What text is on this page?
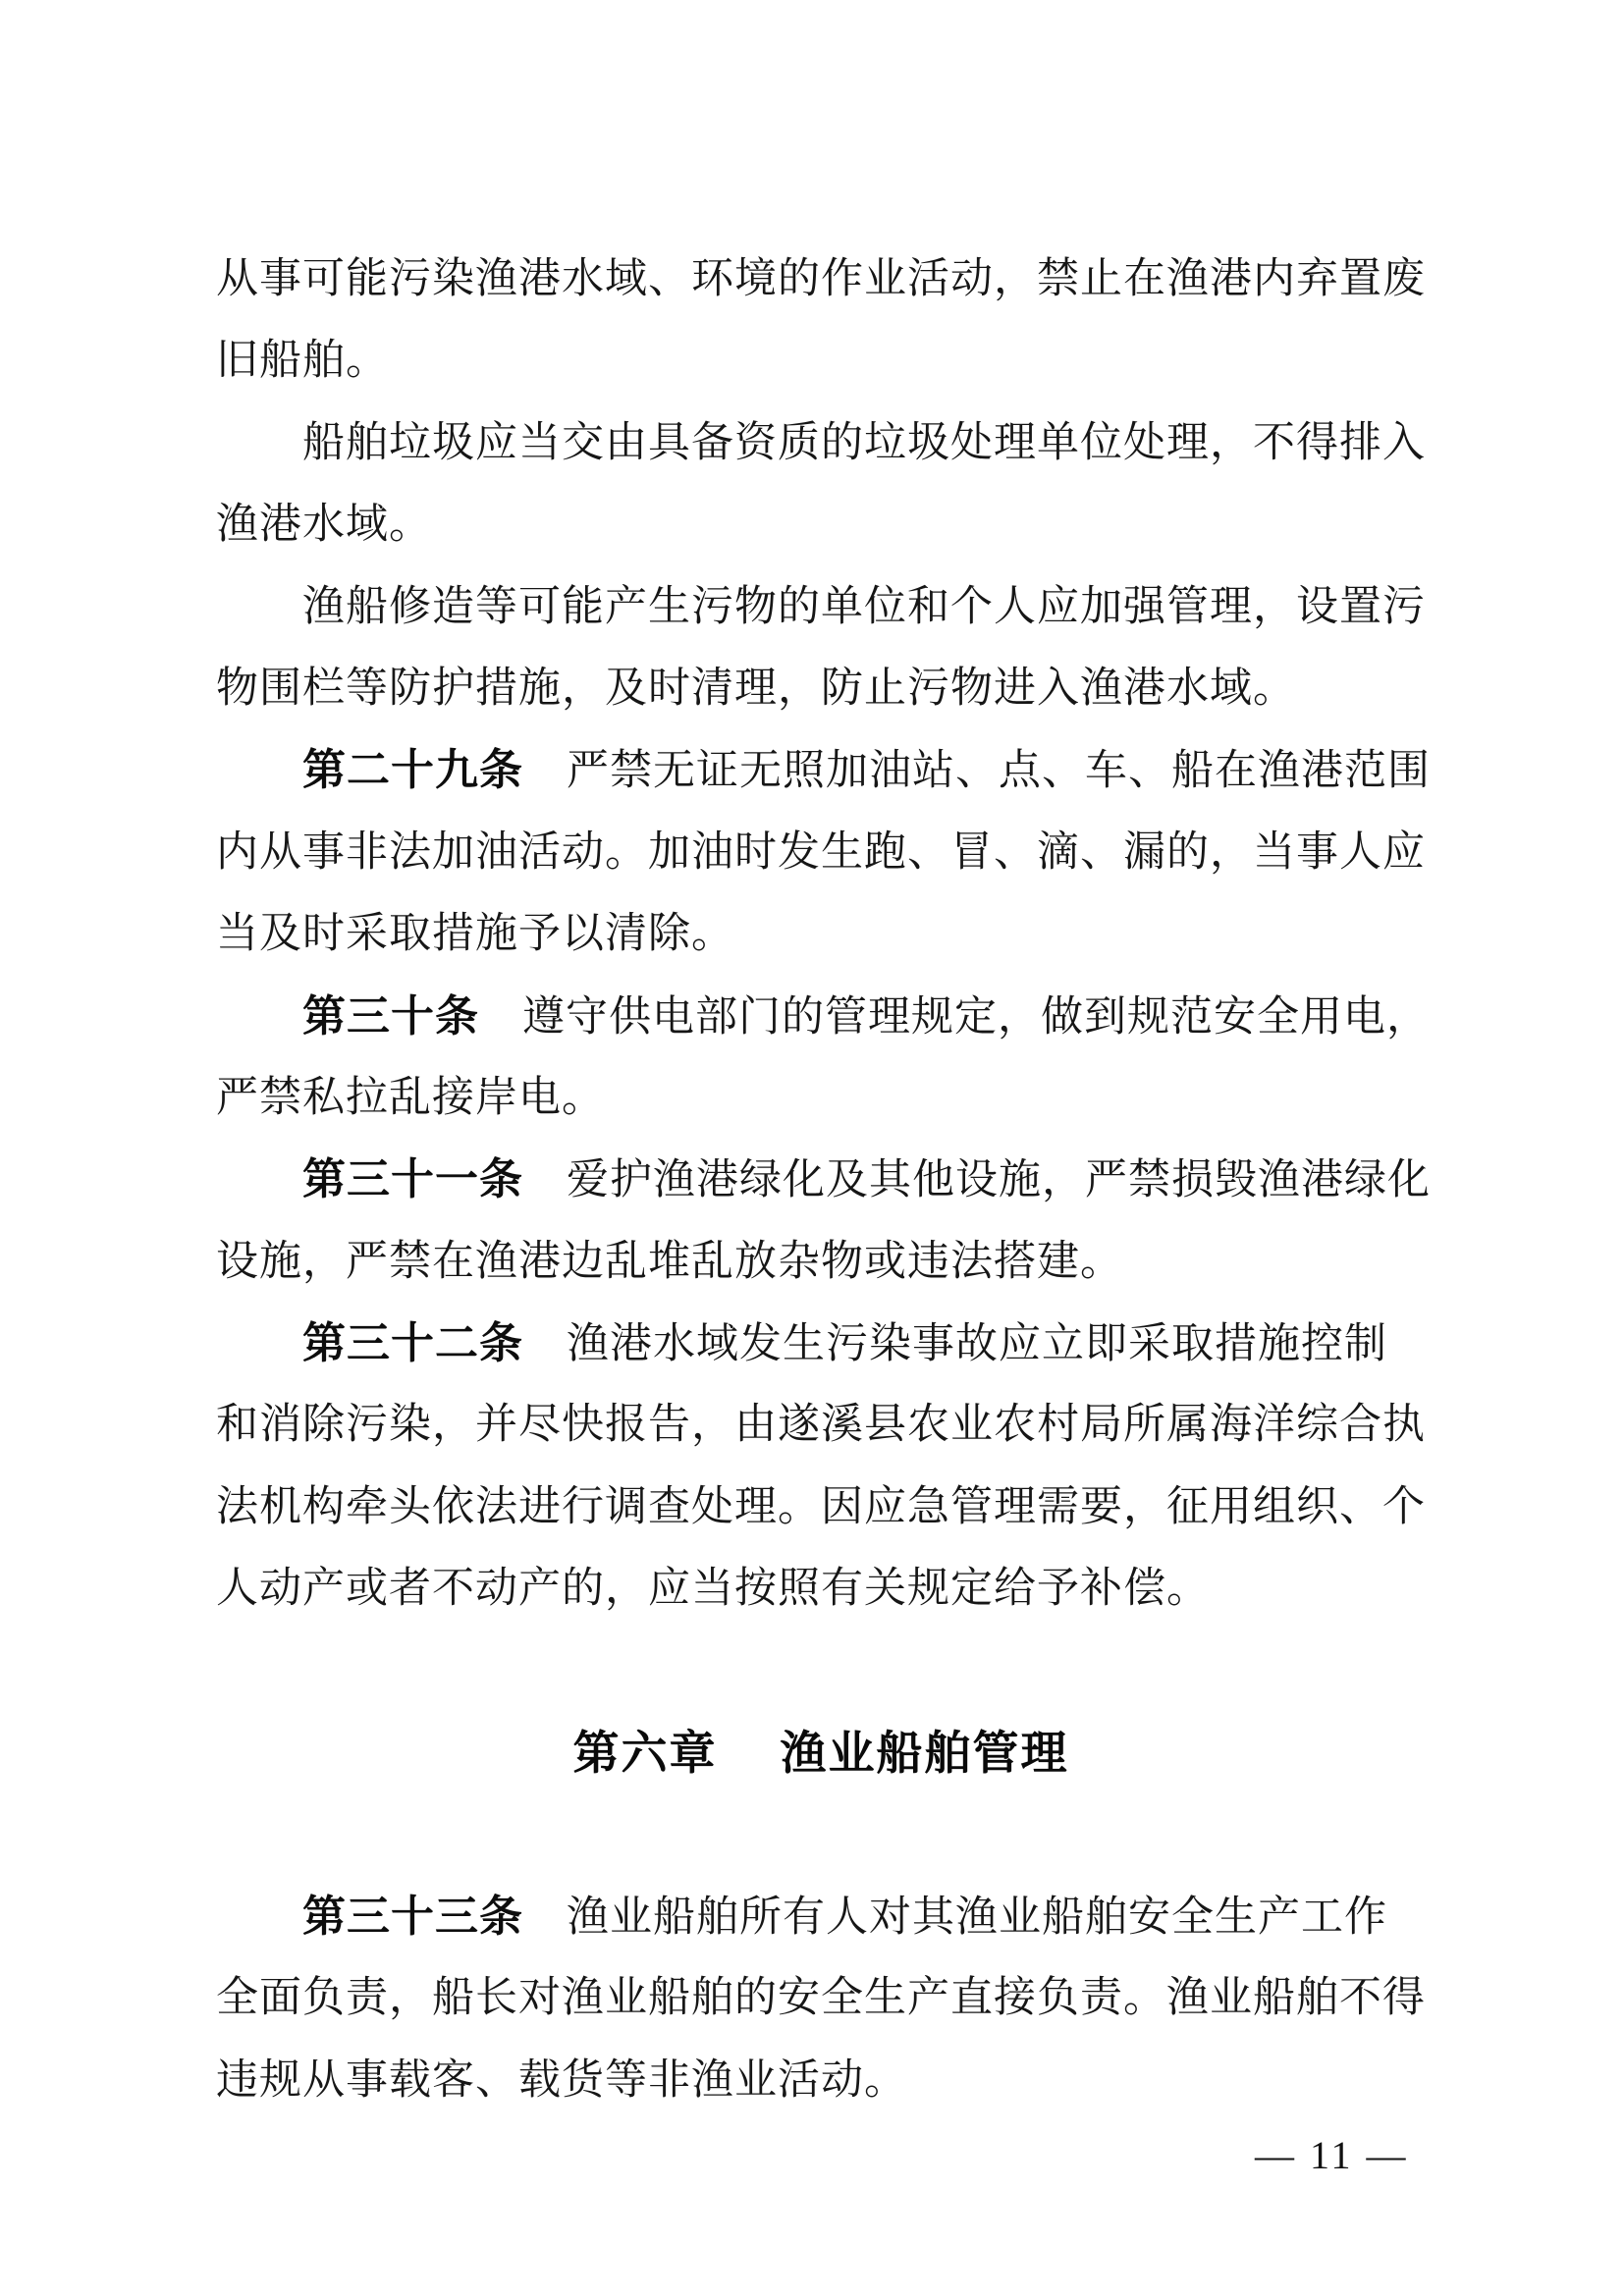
从事可能污染渔港水域、环境的作业活动，禁止在渔港内弃置废
旧船舶。
船舶垃圾应当交由具备资质的垃圾处理单位处理，不得排入
渔港水域。
渔船修造等可能产生污物的单位和个人应加强管理，设置污
物围栏等防护措施，及时清理，防止污物进入渔港水域。
第二十九条 严禁无证无照加油站、点、车、船在渔港范围
内从事非法加油活动。加油时发生跑、冒、滴、漏的，当事人应
当及时采取措施予以清除。
第三十条 遵守供电部门的管理规定，做到规范安全用电，
严禁私拉乱接岸电。
第三十一条 爱护渔港绿化及其他设施，严禁损毁渔港绿化
设施，严禁在渔港边乱堆乱放杂物或违法搭建。
第三十二条 渔港水域发生污染事故应立即采取措施控制
和消除污染，并尽快报告，由遂溪县农业农村局所属海洋综合执
法机构牵头依法进行调查处理。因应急管理需要，征用组织、个
人动产或者不动产的，应当按照有关规定给予补偿。
第六章 渔业船舶管理
第三十三条 渔业船舶所有人对其渔业船舶安全生产工作
全面负责，船长对渔业船舶的安全生产直接负责。渔业船舶不得
违规从事载客、载货等非渔业活动。
— 11 —
